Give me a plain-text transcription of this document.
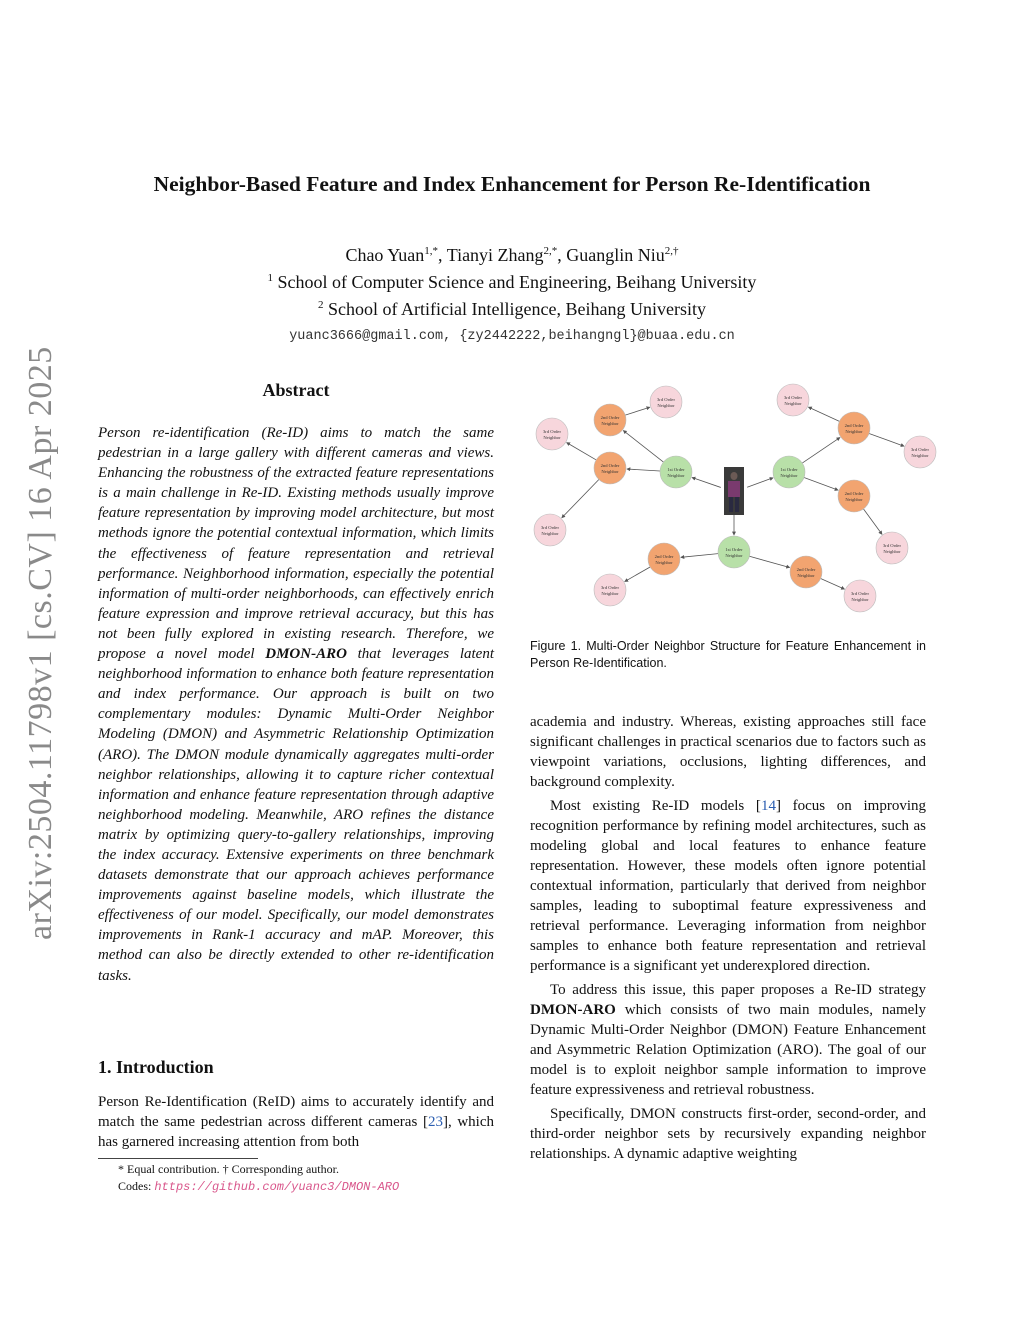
arXiv:2504.11798v1 [cs.CV] 16 Apr 2025
Neighbor-Based Feature and Index Enhancement for Person Re-Identification
Chao Yuan$^{1,*}$, Tianyi Zhang$^{2,*}$, Guanglin Niu$^{2,\dagger}$
$^1$ School of Computer Science and Engineering, Beihang University
$^2$ School of Artificial Intelligence, Beihang University
yuanc3666@gmail.com, {zy2442222,beihangngl}@buaa.edu.cn
Abstract
Person re-identification (Re-ID) aims to match the same pedestrian in a large gallery with different cameras and views. Enhancing the robustness of the extracted feature representations is a main challenge in Re-ID. Existing methods usually improve feature representation by improving model architecture, but most methods ignore the potential contextual information, which limits the effectiveness of feature representation and retrieval performance. Neighborhood information, especially the potential information of multi-order neighborhoods, can effectively enrich feature expression and improve retrieval accuracy, but this has not been fully explored in existing research. Therefore, we propose a novel model DMON-ARO that leverages latent neighborhood information to enhance both feature representation and index performance. Our approach is built on two complementary modules: Dynamic Multi-Order Neighbor Modeling (DMON) and Asymmetric Relationship Optimization (ARO). The DMON module dynamically aggregates multi-order neighbor relationships, allowing it to capture richer contextual information and enhance feature representation through adaptive neighborhood modeling. Meanwhile, ARO refines the distance matrix by optimizing query-to-gallery relationships, improving the index accuracy. Extensive experiments on three benchmark datasets demonstrate that our approach achieves performance improvements against baseline models, which illustrate the effectiveness of our model. Specifically, our model demonstrates improvements in Rank-1 accuracy and mAP. Moreover, this method can also be directly extended to other re-identification tasks.
1. Introduction
Person Re-Identification (ReID) aims to accurately identify and match the same pedestrian across different cameras [23], which has garnered increasing attention from both
* Equal contribution. † Corresponding author.
Codes: https://github.com/yuanc3/DMON-ARO
1st Order
Neighbor
1st Order
Neighbor
1st Order
Neighbor
2nd Order
Neighbor
2nd Order
Neighbor
2nd Order
Neighbor
2nd Order
Neighbor
2nd Order
Neighbor
2nd Order
Neighbor
3rd Order
Neighbor
3rd Order
Neighbor
3rd Order
Neighbor
3rd Order
Neighbor
3rd Order
Neighbor
3rd Order
Neighbor
3rd Order
Neighbor	3rd Order
Neighbor
Figure 1. Multi-Order Neighbor Structure for Feature Enhancement in Person Re-Identification.

academia and industry. Whereas, existing approaches still face significant challenges in practical scenarios due to factors such as viewpoint variations, occlusions, lighting differences, and background complexity.

Most existing Re-ID models [14] focus on improving recognition performance by refining model architectures, such as modeling global and local features to enhance feature representation. However, these models often ignore potential contextual information, particularly that derived from neighbor samples, leading to suboptimal feature expressiveness and retrieval performance. Leveraging information from neighbor samples to enhance both feature representation and retrieval performance is a significant yet underexplored direction.

To address this issue, this paper proposes a Re-ID strategy DMON-ARO which consists of two main modules, namely Dynamic Multi-Order Neighbor (DMON) Feature Enhancement and Asymmetric Relation Optimization (ARO). The goal of our model is to exploit neighbor sample information to improve feature expressiveness and retrieval robustness.

Specifically, DMON constructs first-order, second-order, and third-order neighbor sets by recursively expanding neighbor relationships. A dynamic adaptive weighting
